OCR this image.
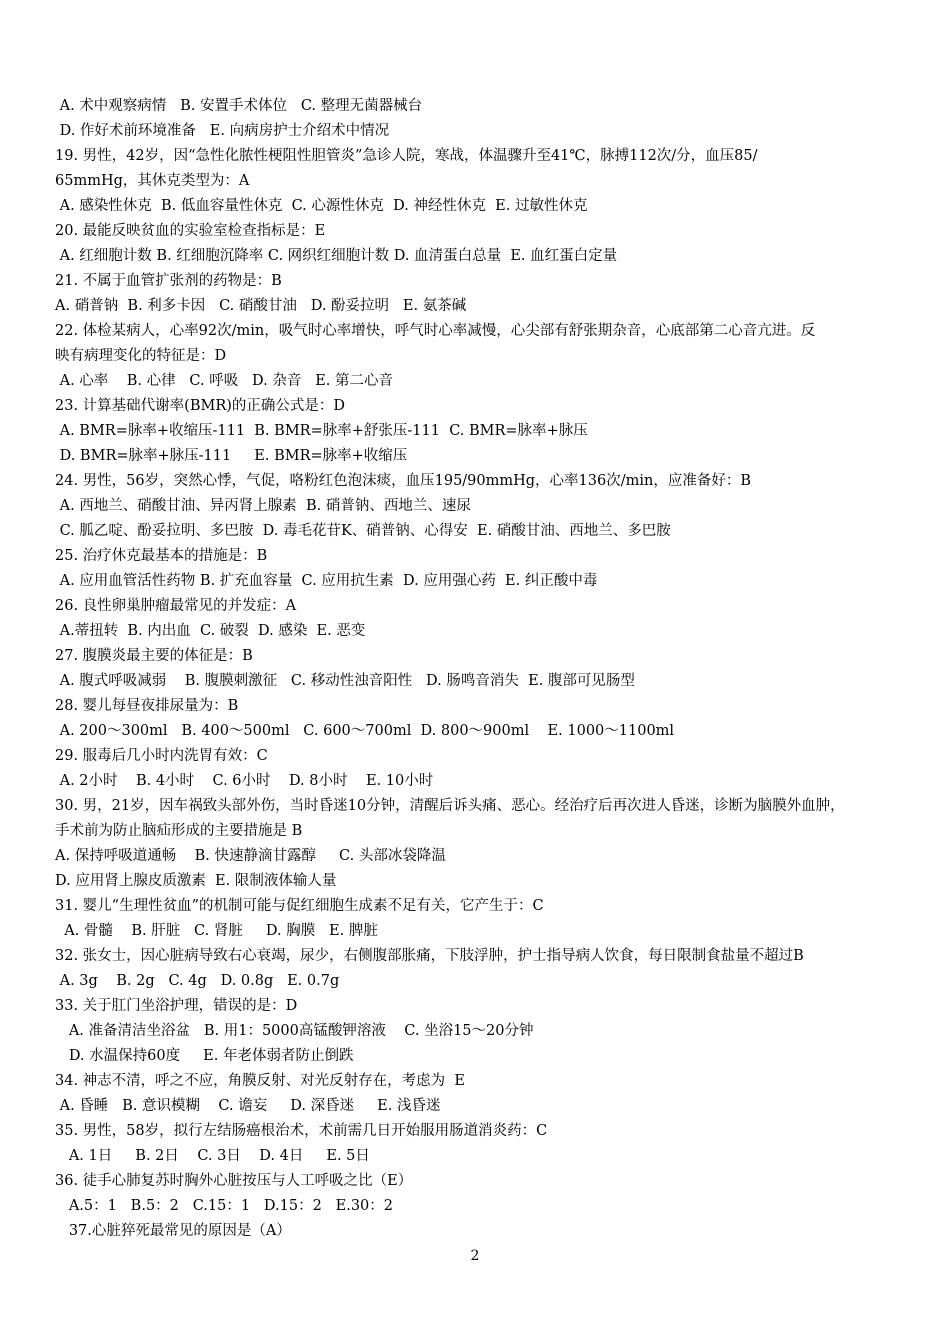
A. 术中观察病情   B. 安置手术体位   C. 整理无菌器械台
D. 作好术前环境准备   E. 向病房护士介绍术中情况
19. 男性，42岁，因“急性化脓性梗阻性胆管炎”急诊人院，寒战，体温骤升至41℃，脉搏112次/分，血压85/
65mmHg，其休克类型为：A
A. 感染性休克  B. 低血容量性休克  C. 心源性休克  D. 神经性休克  E. 过敏性休克
20. 最能反映贫血的实验室检查指标是：E
A. 红细胞计数 B. 红细胞沉降率 C. 网织红细胞计数 D. 血清蛋白总量  E. 血红蛋白定量
21. 不属于血管扩张剂的药物是：B
A. 硝普钠  B. 利多卡因   C. 硝酸甘油   D. 酚妥拉明   E. 氨茶碱
22. 体检某病人，心率92次/min，吸气时心率增快，呼气时心率减慢，心尖部有舒张期杂音，心底部第二心音亢进。反
映有病理变化的特征是：D
A. 心率    B. 心律   C. 呼吸   D. 杂音   E. 第二心音
23. 计算基础代谢率(BMR)的正确公式是：D
A. BMR=脉率+收缩压-111  B. BMR=脉率+舒张压-111  C. BMR=脉率+脉压
D. BMR=脉率+脉压-111     E. BMR=脉率+收缩压
24. 男性，56岁，突然心悸，气促，咯粉红色泡沫痰，血压195/90mmHg，心率136次/min，应准备好：B
A. 西地兰、硝酸甘油、异丙肾上腺素  B. 硝普钠、西地兰、速尿
C. 胍乙啶、酚妥拉明、多巴胺  D. 毒毛花苷K、硝普钠、心得安  E. 硝酸甘油、西地兰、多巴胺
25. 治疗休克最基本的措施是：B
A. 应用血管活性药物 B. 扩充血容量  C. 应用抗生素  D. 应用强心药  E. 纠正酸中毒
26. 良性卵巢肿瘤最常见的并发症：A
A.蒂扭转  B. 内出血  C. 破裂  D. 感染  E. 恶变
27. 腹膜炎最主要的体征是：B
A. 腹式呼吸减弱    B. 腹膜刺激征   C. 移动性浊音阳性   D. 肠鸣音消失  E. 腹部可见肠型
28. 婴儿每昼夜排尿量为：B
A. 200～300ml   B. 400～500ml   C. 600～700ml  D. 800～900ml    E. 1000～1100ml
29. 服毒后几小时内洗胃有效：C
A. 2小时    B. 4小时    C. 6小时    D. 8小时    E. 10小时
30. 男，21岁，因车祸致头部外伤，当时昏迷10分钟，清醒后诉头痛、恶心。经治疗后再次进人昏迷，诊断为脑膜外血肿，
手术前为防止脑疝形成的主要措施是 B
A. 保持呼吸道通畅    B. 快速静滴甘露醇     C. 头部冰袋降温
D. 应用肾上腺皮质激素  E. 限制液体输人量
31. 婴儿“生理性贫血”的机制可能与促红细胞生成素不足有关，它产生于：C
A. 骨髓    B. 肝脏   C. 肾脏     D. 胸膜   E. 脾脏
32. 张女士，因心脏病导致右心衰竭，尿少，右侧腹部胀痛，下肢浮肿，护士指导病人饮食，每日限制食盐量不超过B
A. 3g    B. 2g   C. 4g   D. 0.8g   E. 0.7g
33. 关于肛门坐浴护理，错误的是：D
A. 准备清洁坐浴盆   B. 用1：5000高锰酸钾溶液    C. 坐浴15～20分钟
D. 水温保持60度     E. 年老体弱者防止倒跌
34. 神志不清，呼之不应，角膜反射、对光反射存在，考虑为  E
A. 昏睡   B. 意识模糊    C. 谵妄     D. 深昏迷     E. 浅昏迷
35. 男性，58岁，拟行左结肠癌根治术，术前需几日开始服用肠道消炎药：C
A. 1日     B. 2日    C. 3日    D. 4日     E. 5日
36. 徒手心肺复苏时胸外心脏按压与人工呼吸之比（E）
A.5：1   B.5：2   C.15：1   D.15：2   E.30：2
37.心脏猝死最常见的原因是（A）
2
